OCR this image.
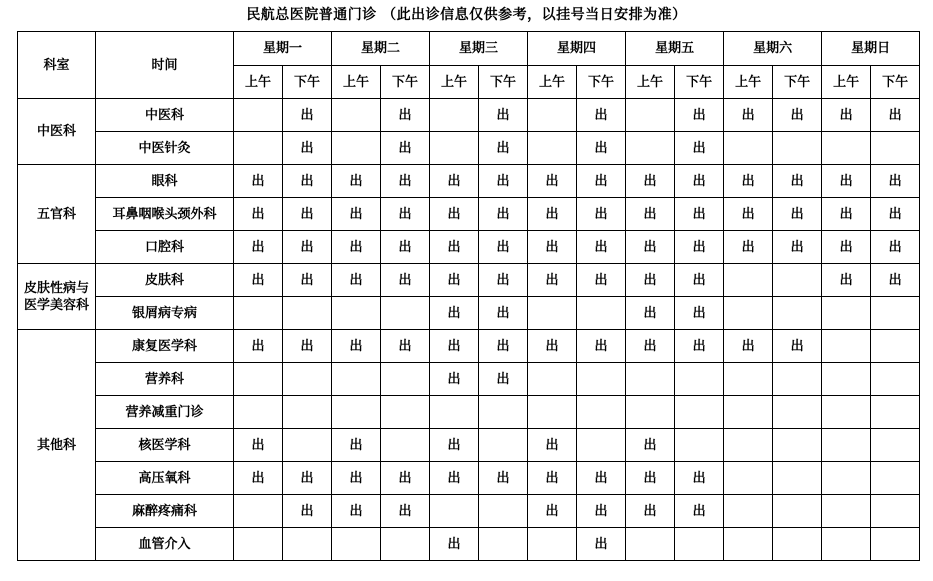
民航总医院普通门诊 （此出诊信息仅供参考，以挂号当日安排为准）
科室	时间	星期一		星期二		星期三		星期四		星期五		星期六		星期日	
		上午	下午	上午	下午	上午	下午	上午	下午	上午	下午	上午	下午	上午	下午
中医科	中医科		出		出		出		出		出	出	出	出	出
	中医针灸		出		出		出		出		出				
五官科	眼科	出	出	出	出	出	出	出	出	出	出	出	出	出	出
	耳鼻咽喉头颈外科	出	出	出	出	出	出	出	出	出	出	出	出	出	出
	口腔科	出	出	出	出	出	出	出	出	出	出	出	出	出	出
皮肤性病与医学美容科	皮肤科	出	出	出	出	出	出	出	出	出	出			出	出
	银屑病专病					出	出			出	出				
其他科	康复医学科	出	出	出	出	出	出	出	出	出	出	出	出		
	营养科					出	出								
	营养减重门诊														
	核医学科	出		出		出		出		出					
	高压氧科	出	出	出	出	出	出	出	出	出	出				
	麻醉疼痛科		出	出	出			出	出	出	出				
	血管介入					出			出						
